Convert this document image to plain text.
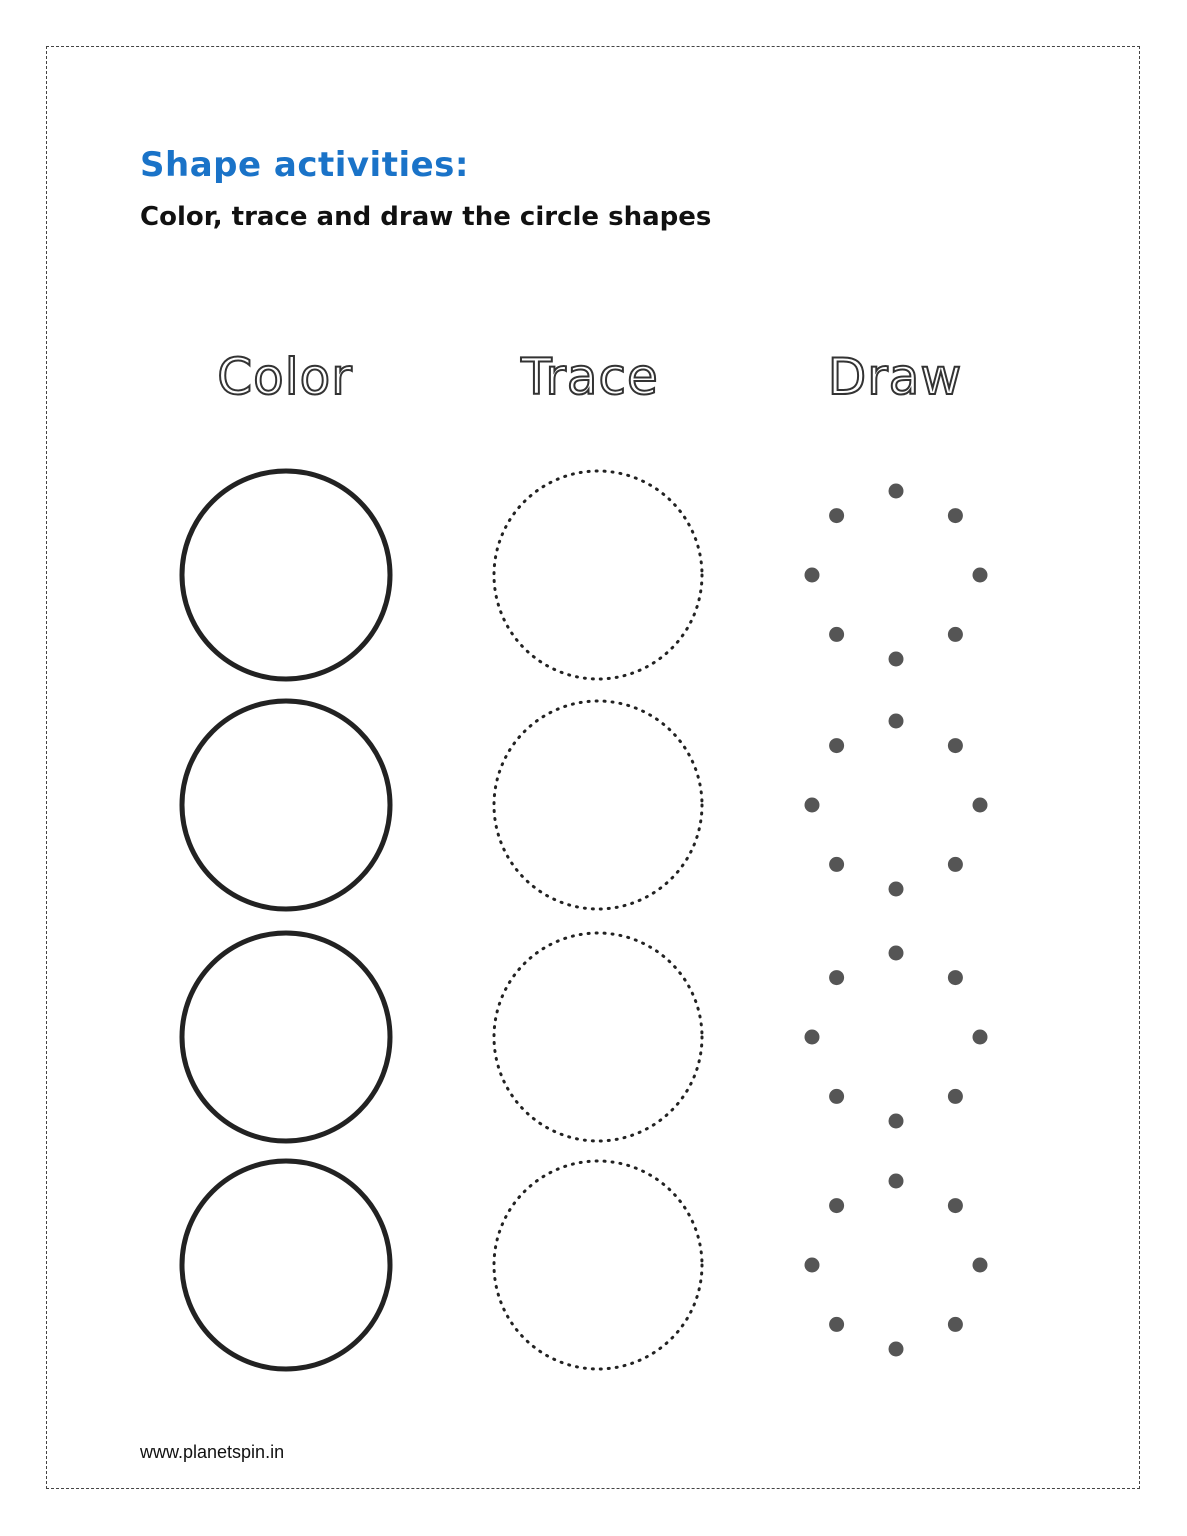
Shape activities:
Color, trace and draw the circle shapes
Color	Trace	Draw
www.planetspin.in
